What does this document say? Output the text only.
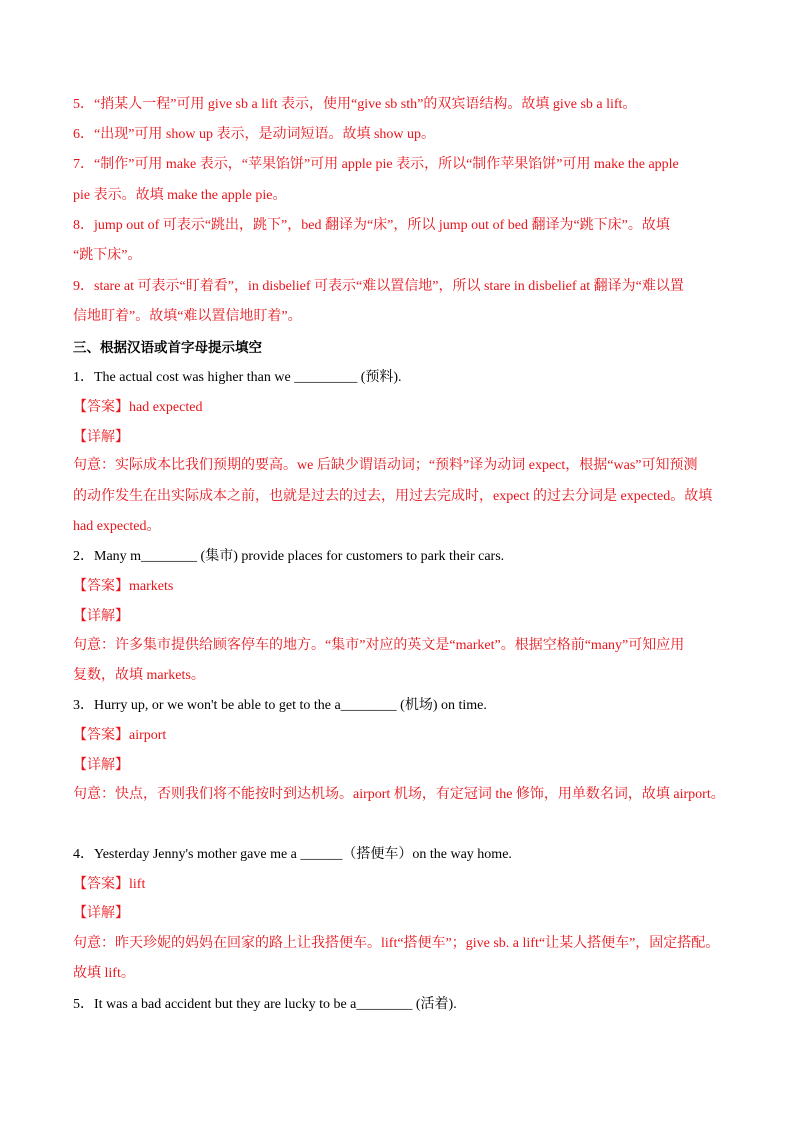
5．“捎某人一程”可用 give sb a lift 表示，使用“give sb sth”的双宾语结构。故填 give sb a lift。
6．“出现”可用 show up 表示，是动词短语。故填 show up。
7．“制作”可用 make 表示，“苹果馅饼”可用 apple pie 表示，所以“制作苹果馅饼”可用 make the apple
pie 表示。故填 make the apple pie。
8．jump out of 可表示“跳出，跳下”，bed 翻译为“床”，所以 jump out of bed 翻译为“跳下床”。故填
“跳下床”。
9．stare at 可表示“盯着看”，in disbelief 可表示“难以置信地”，所以 stare in disbelief at 翻译为“难以置
信地盯着”。故填“难以置信地盯着”。
三、根据汉语或首字母提示填空
1．The actual cost was higher than we _________ (预料).
【答案】had expected
【详解】
句意：实际成本比我们预期的要高。we 后缺少谓语动词；“预料”译为动词 expect，根据“was”可知预测
的动作发生在出实际成本之前，也就是过去的过去，用过去完成时，expect 的过去分词是 expected。故填
had expected。
2．Many m________ (集市) provide places for customers to park their cars.
【答案】markets
【详解】
句意：许多集市提供给顾客停车的地方。“集市”对应的英文是“market”。根据空格前“many”可知应用
复数，故填 markets。
3．Hurry up, or we won't be able to get to the a________ (机场) on time.
【答案】airport
【详解】
句意：快点，否则我们将不能按时到达机场。airport 机场，有定冠词 the 修饰，用单数名词，故填 airport。
4．Yesterday Jenny's mother gave me a ______（搭便车）on the way home.
【答案】lift
【详解】
句意：昨天珍妮的妈妈在回家的路上让我搭便车。lift“搭便车”；give sb. a lift“让某人搭便车”，固定搭配。
故填 lift。
5．It was a bad accident but they are lucky to be a________ (活着).
